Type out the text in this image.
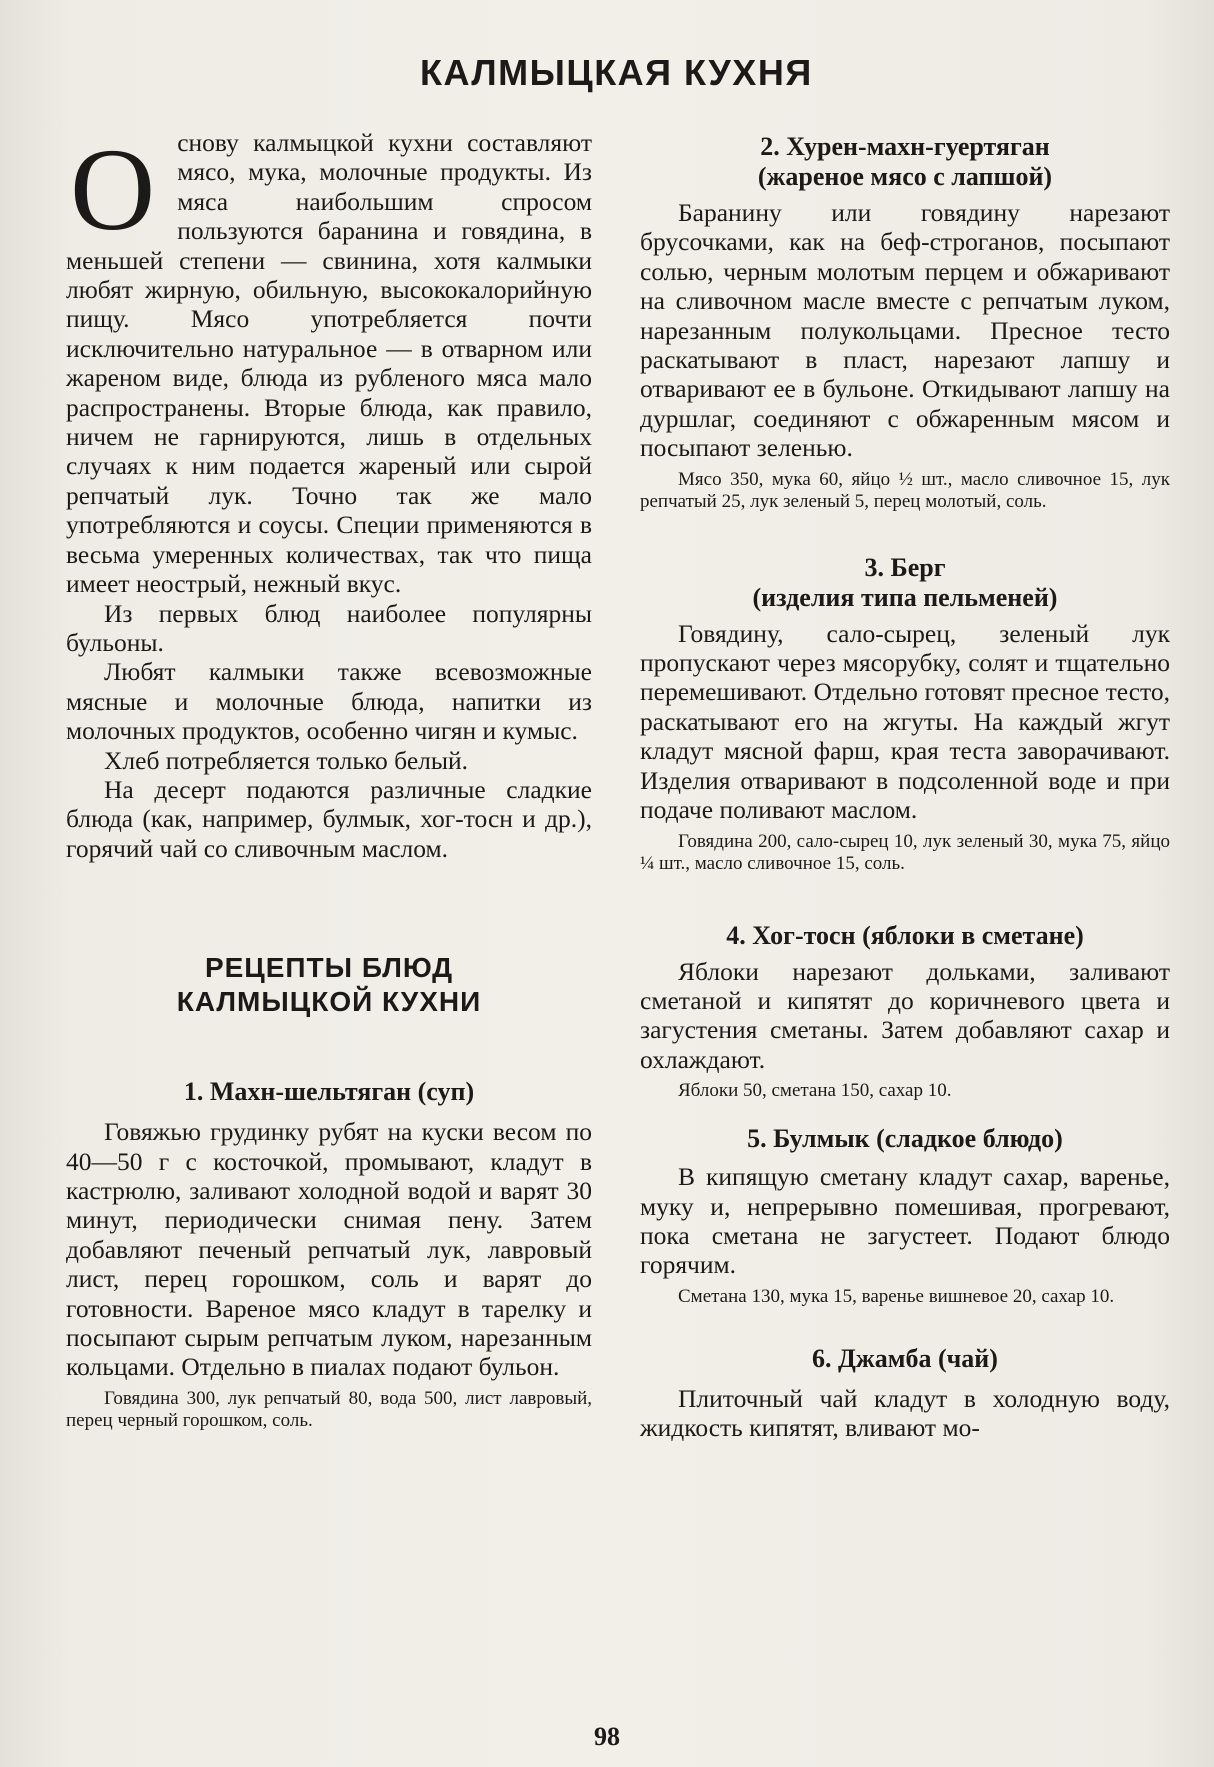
КАЛМЫЦКАЯ КУХНЯ

Основу калмыцкой кухни составляют мясо, мука, молочные продукты. Из мяса наибольшим спросом пользуются баранина и говядина, в меньшей степени — свинина, хотя калмыки любят жирную, обильную, высококалорийную пищу. Мясо употребляется почти исключительно натуральное — в отварном или жареном виде, блюда из рубленого мяса мало распространены. Вторые блюда, как правило, ничем не гарнируются, лишь в отдельных случаях к ним подается жареный или сырой репчатый лук. Точно так же мало употребляются и соусы. Специи применяются в весьма умеренных количествах, так что пища имеет неострый, нежный вкус.

Из первых блюд наиболее популярны бульоны.

Любят калмыки также всевозможные мясные и молочные блюда, напитки из молочных продуктов, особенно чигян и кумыс.

Хлеб потребляется только белый.

На десерт подаются различные сладкие блюда (как, например, булмык, хог-тосн и др.), горячий чай со сливочным маслом.

РЕЦЕПТЫ БЛЮД
КАЛМЫЦКОЙ КУХНИ
1. Махн-шельтяган (суп)

Говяжью грудинку рубят на куски весом по 40—50 г с косточкой, промывают, кладут в кастрюлю, заливают холодной водой и варят 30 минут, периодически снимая пену. Затем добавляют печеный репчатый лук, лавровый лист, перец горошком, соль и варят до готовности. Вареное мясо кладут в тарелку и посыпают сырым репчатым луком, нарезанным кольцами. Отдельно в пиалах подают бульон.

Говядина 300, лук репчатый 80, вода 500, лист лавровый, перец черный горошком, соль.

2. Хурен-махн-гуертяган
(жареное мясо с лапшой)

Баранину или говядину нарезают брусочками, как на беф-строганов, посыпают солью, черным молотым перцем и обжаривают на сливочном масле вместе с репчатым луком, нарезанным полукольцами. Пресное тесто раскатывают в пласт, нарезают лапшу и отваривают ее в бульоне. Откидывают лапшу на дуршлаг, соединяют с обжаренным мясом и посыпают зеленью.

Мясо 350, мука 60, яйцо ½ шт., масло сливочное 15, лук репчатый 25, лук зеленый 5, перец молотый, соль.

3. Берг
(изделия типа пельменей)

Говядину, сало-сырец, зеленый лук пропускают через мясорубку, солят и тщательно перемешивают. Отдельно готовят пресное тесто, раскатывают его на жгуты. На каждый жгут кладут мясной фарш, края теста заворачивают. Изделия отваривают в подсоленной воде и при подаче поливают маслом.

Говядина 200, сало-сырец 10, лук зеленый 30, мука 75, яйцо ¼ шт., масло сливочное 15, соль.

4. Хог-тосн (яблоки в сметане)

Яблоки нарезают дольками, заливают сметаной и кипятят до коричневого цвета и загустения сметаны. Затем добавляют сахар и охлаждают.

Яблоки 50, сметана 150, сахар 10.

5. Булмык (сладкое блюдо)

В кипящую сметану кладут сахар, варенье, муку и, непрерывно помешивая, прогревают, пока сметана не загустеет. Подают блюдо горячим.

Сметана 130, мука 15, варенье вишневое 20, сахар 10.

6. Джамба (чай)

Плиточный чай кладут в холодную воду, жидкость кипятят, вливают мо-

98
